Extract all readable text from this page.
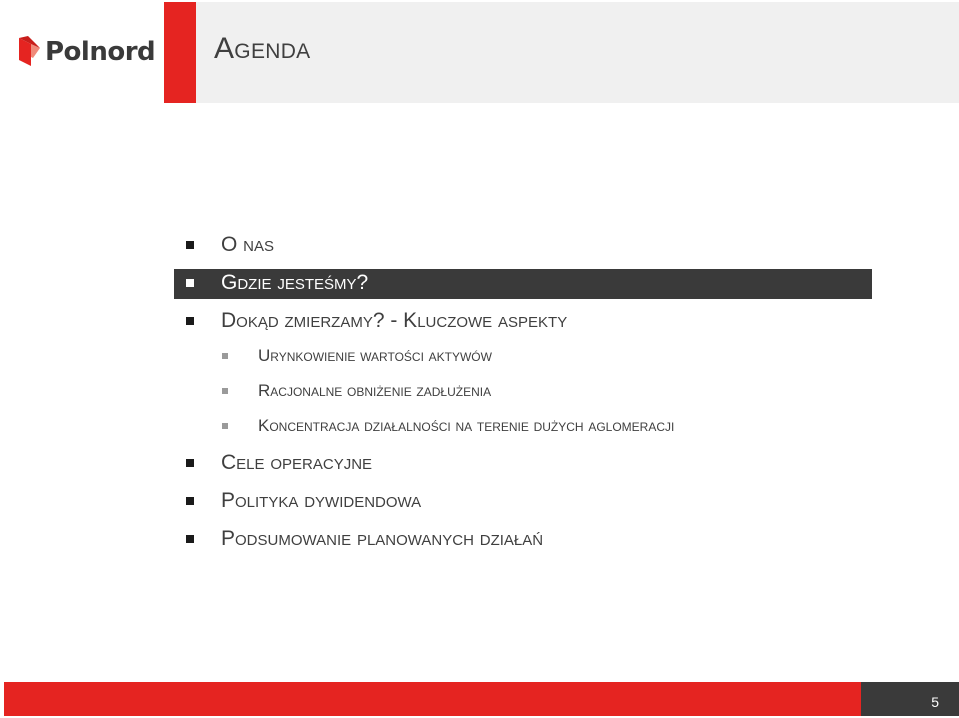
Polnord Agenda
O nas
Gdzie jesteśmy?
Dokąd zmierzamy? - Kluczowe aspekty
Urynkowienie wartości aktywów
Racjonalne obniżenie zadłużenia
Koncentracja działalności na terenie dużych aglomeracji
Cele operacyjne
Polityka dywidendowa
Podsumowanie planowanych działań
5
